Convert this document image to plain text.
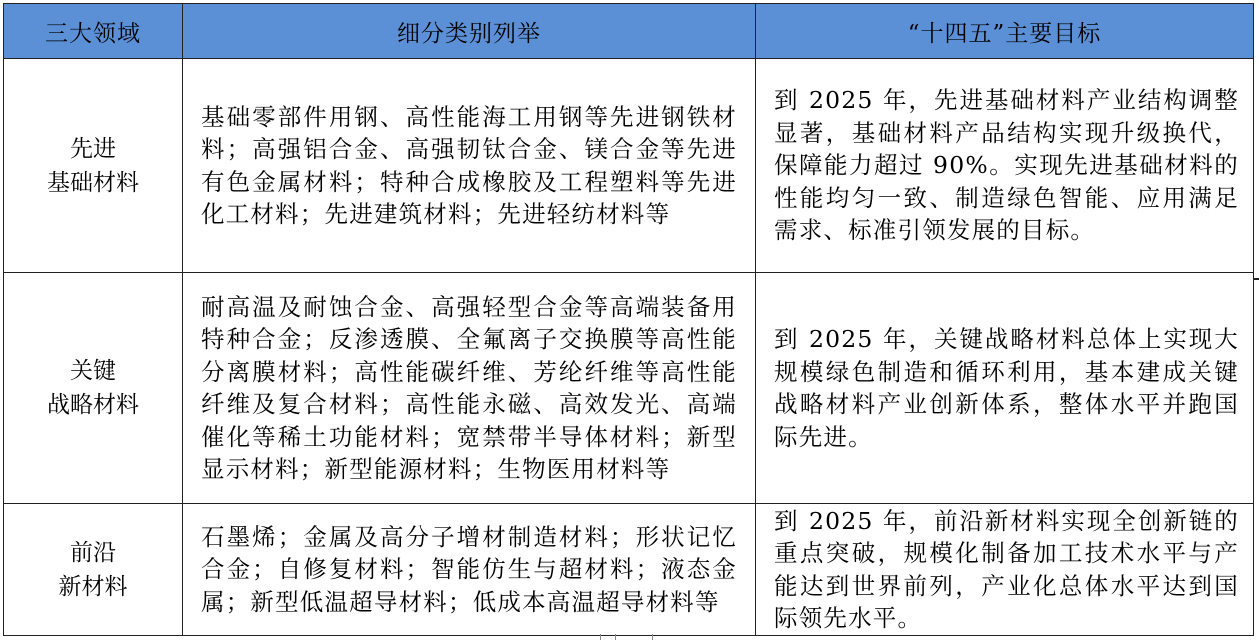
三大领域	细分类别列举	“十四五”主要目标

先进
基础材料	基础零部件用钢、高性能海工用钢等先进钢铁材料；高强铝合金、高强韧钛合金、镁合金等先进有色金属材料；特种合成橡胶及工程塑料等先进化工材料；先进建筑材料；先进轻纺材料等	到 2025 年，先进基础材料产业结构调整显著，基础材料产品结构实现升级换代，保障能力超过 90%。实现先进基础材料的性能均匀一致、制造绿色智能、应用满足需求、标准引领发展的目标。

关键
战略材料	耐高温及耐蚀合金、高强轻型合金等高端装备用特种合金；反渗透膜、全氟离子交换膜等高性能分离膜材料；高性能碳纤维、芳纶纤维等高性能纤维及复合材料；高性能永磁、高效发光、高端催化等稀土功能材料；宽禁带半导体材料；新型显示材料；新型能源材料；生物医用材料等	到 2025 年，关键战略材料总体上实现大规模绿色制造和循环利用，基本建成关键战略材料产业创新体系，整体水平并跑国际先进。

前沿
新材料	石墨烯；金属及高分子增材制造材料；形状记忆合金；自修复材料；智能仿生与超材料；液态金属；新型低温超导材料；低成本高温超导材料等	到 2025 年，前沿新材料实现全创新链的重点突破，规模化制备加工技术水平与产能达到世界前列，产业化总体水平达到国际领先水平。
